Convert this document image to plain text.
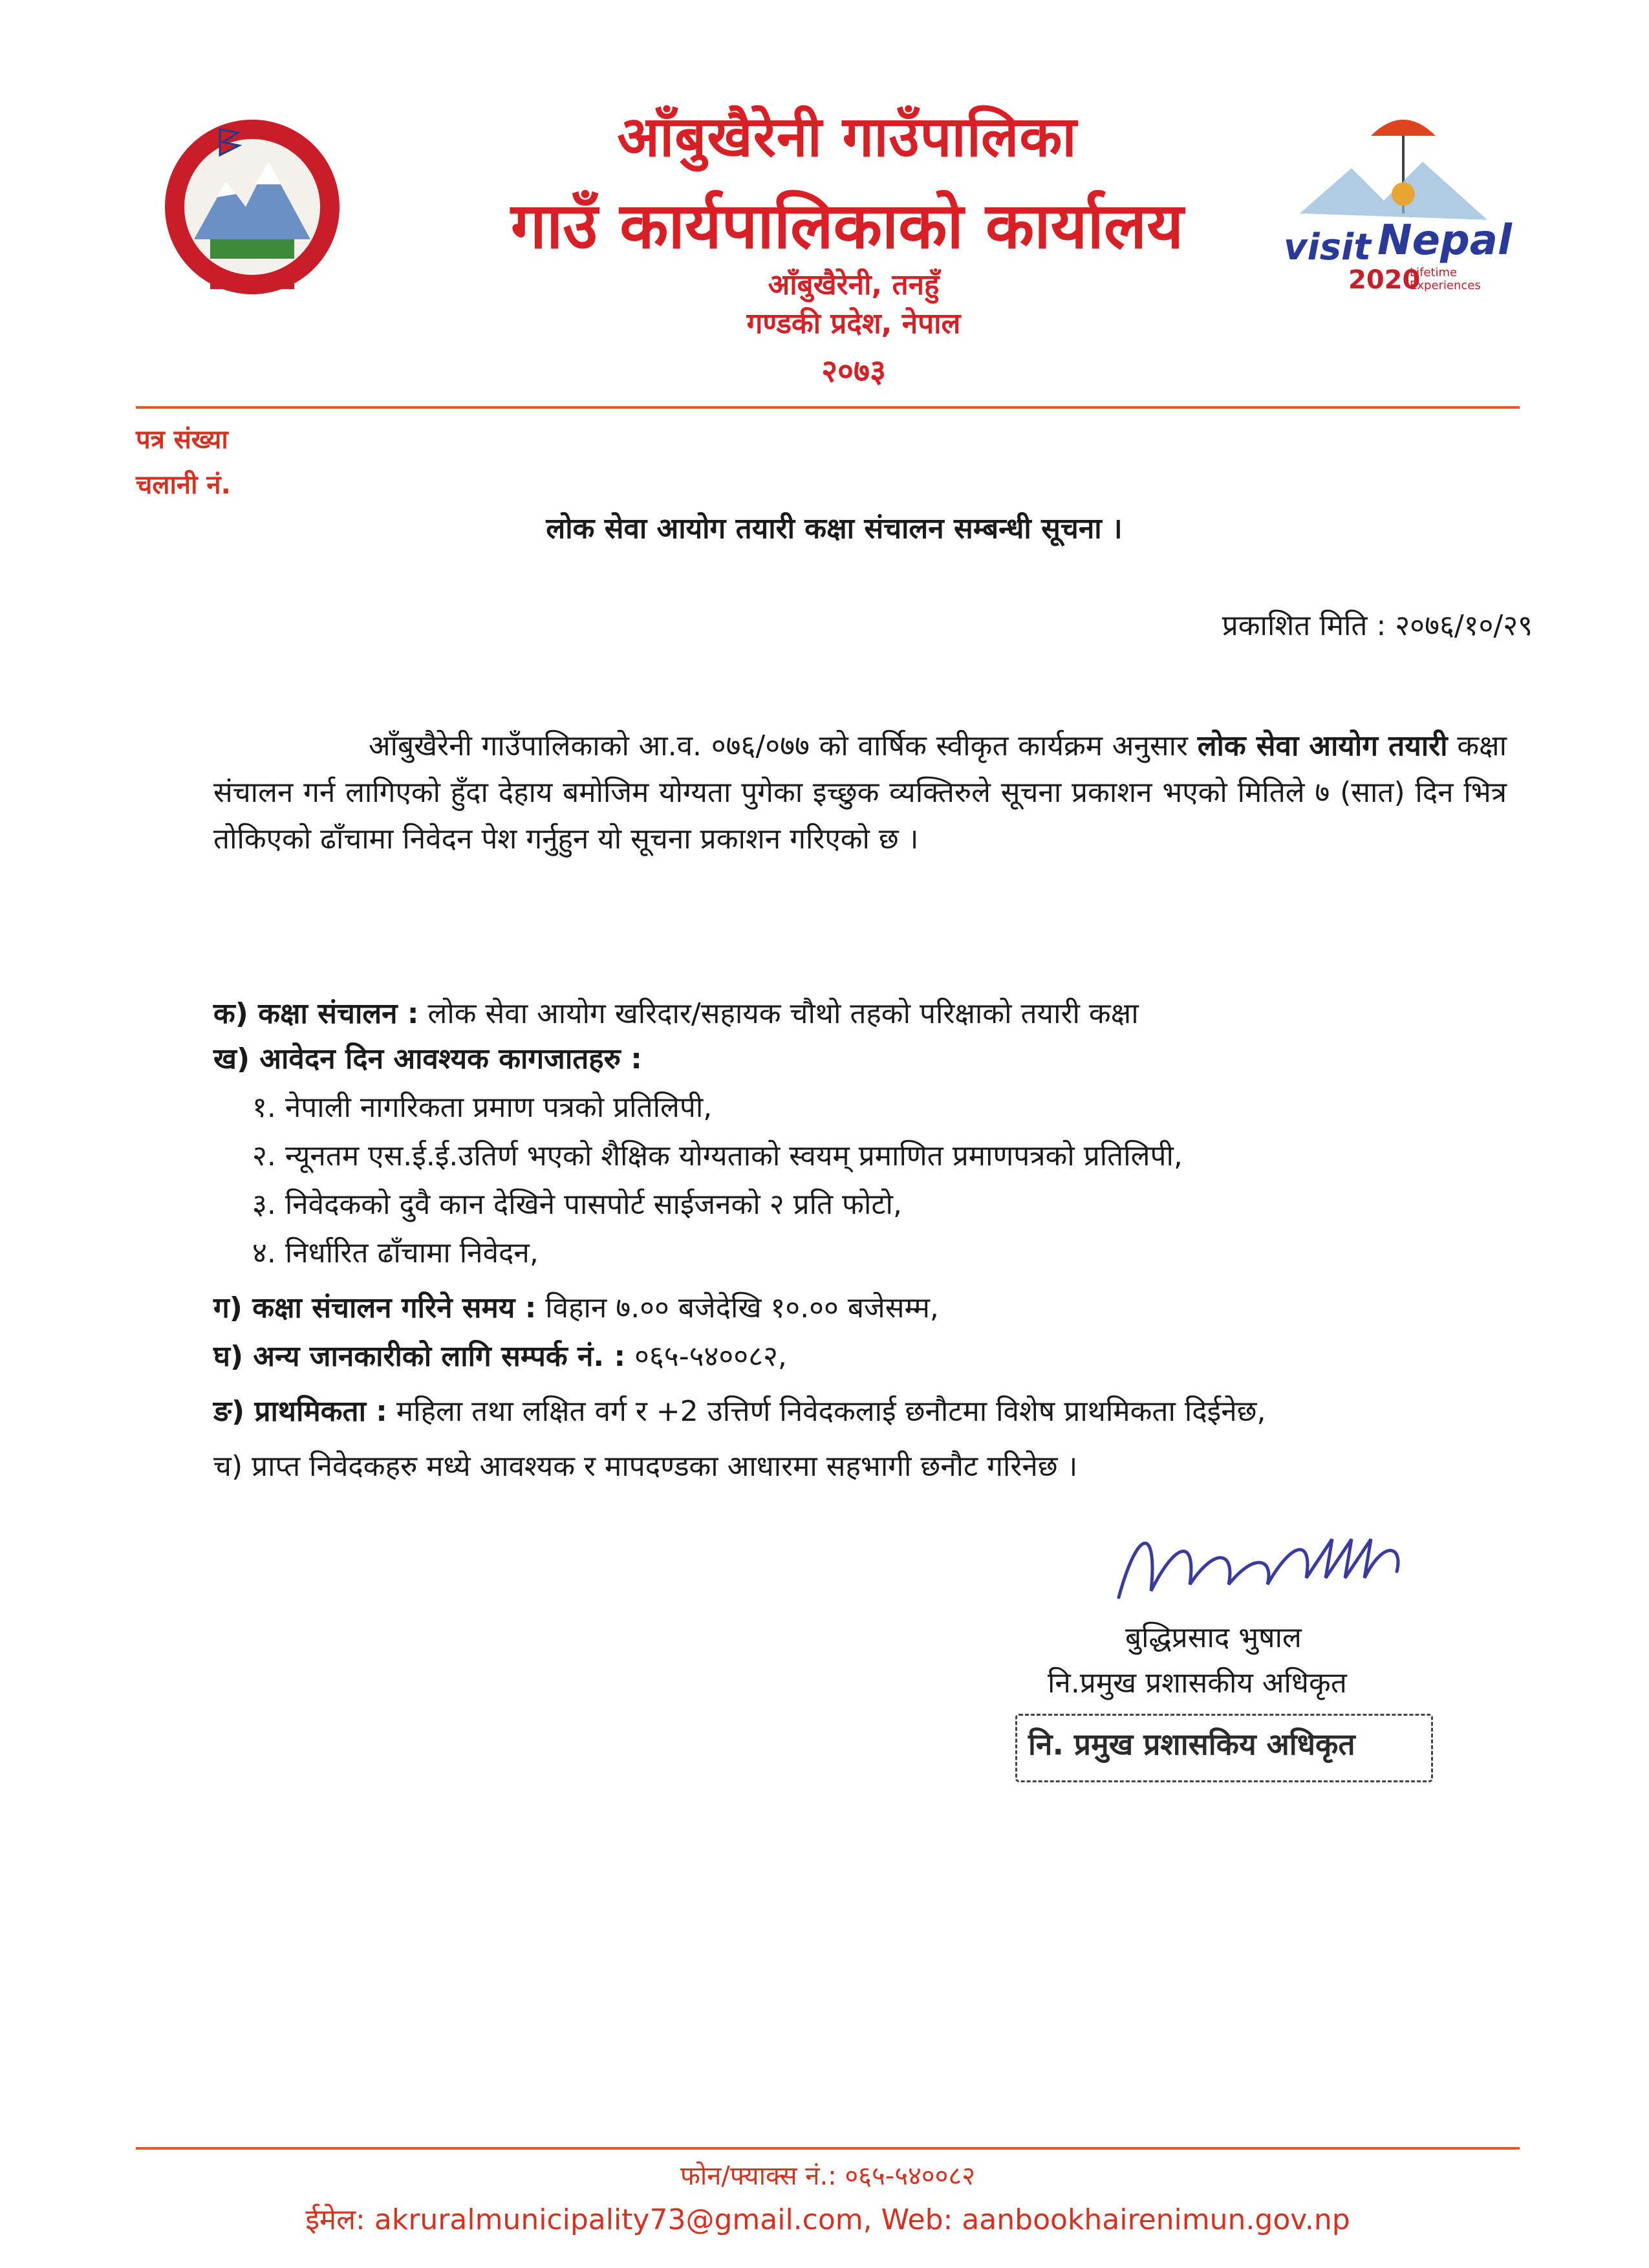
visit Nepal
2020
Lifetime Experiences
आँबुखैरेनी गाउँपालिका
गाउँ कार्यपालिकाको कार्यालय
आँबुखैरेनी, तनहुँ
गण्डकी प्रदेश, नेपाल
२०७३
पत्र संख्या
चलानी नं.
लोक सेवा आयोग तयारी कक्षा संचालन सम्बन्धी सूचना ।
प्रकाशित मिति : २०७६/१०/२९
आँबुखैरेनी गाउँपालिकाको आ.व. ०७६/०७७ को वार्षिक स्वीकृत कार्यक्रम अनुसार लोक सेवा आयोग तयारी कक्षा संचालन गर्न लागिएको हुँदा देहाय बमोजिम योग्यता पुगेका इच्छुक व्यक्तिरुले सूचना प्रकाशन भएको मितिले ७ (सात) दिन भित्र तोकिएको ढाँचामा निवेदन पेश गर्नुहुन यो सूचना प्रकाशन गरिएको छ ।
क) कक्षा संचालन : लोक सेवा आयोग खरिदार/सहायक चौथो तहको परिक्षाको तयारी कक्षा
ख) आवेदन दिन आवश्यक कागजातहरु :
१. नेपाली नागरिकता प्रमाण पत्रको प्रतिलिपी,
२. न्यूनतम एस.ई.ई.उतिर्ण भएको शैक्षिक योग्यताको स्वयम् प्रमाणित प्रमाणपत्रको प्रतिलिपी,
३. निवेदकको दुवै कान देखिने पासपोर्ट साईजनको २ प्रति फोटो,
४. निर्धारित ढाँचामा निवेदन,
ग) कक्षा संचालन गरिने समय : विहान ७.०० बजेदेखि १०.०० बजेसम्म,
घ) अन्य जानकारीको लागि सम्पर्क नं. : ०६५-५४००८२,
ङ) प्राथमिकता : महिला तथा लक्षित वर्ग र +2 उत्तिर्ण निवेदकलाई छनौटमा विशेष प्राथमिकता दिईनेछ,
च) प्राप्त निवेदकहरु मध्ये आवश्यक र मापदण्डका आधारमा सहभागी छनौट गरिनेछ ।
बुद्धिप्रसाद भुषाल
नि.प्रमुख प्रशासकीय अधिकृत
नि. प्रमुख प्रशासकिय अधिकृत
फोन/फ्याक्स नं.: ०६५-५४००८२
ईमेल: akruralmunicipality73@gmail.com, Web: aanbookhairenimun.gov.np
